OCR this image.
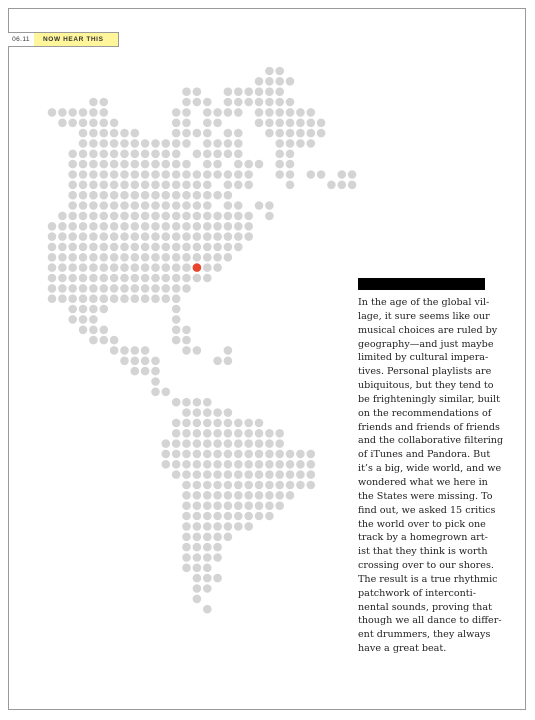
06.11	NOW HEAR THIS

In the age of the global vil-
lage, it sure seems like our
musical choices are ruled by
geography—and just maybe
limited by cultural impera-
tives. Personal playlists are
ubiquitous, but they tend to
be frighteningly similar, built
on the recommendations of
friends and friends of friends
and the collaborative filtering
of iTunes and Pandora. But
it’s a big, wide world, and we
wondered what we here in
the States were missing. To
find out, we asked 15 critics
the world over to pick one
track by a homegrown art-
ist that they think is worth
crossing over to our shores.
The result is a true rhythmic
patchwork of interconti-
nental sounds, proving that
though we all dance to differ-
ent drummers, they always
have a great beat.
